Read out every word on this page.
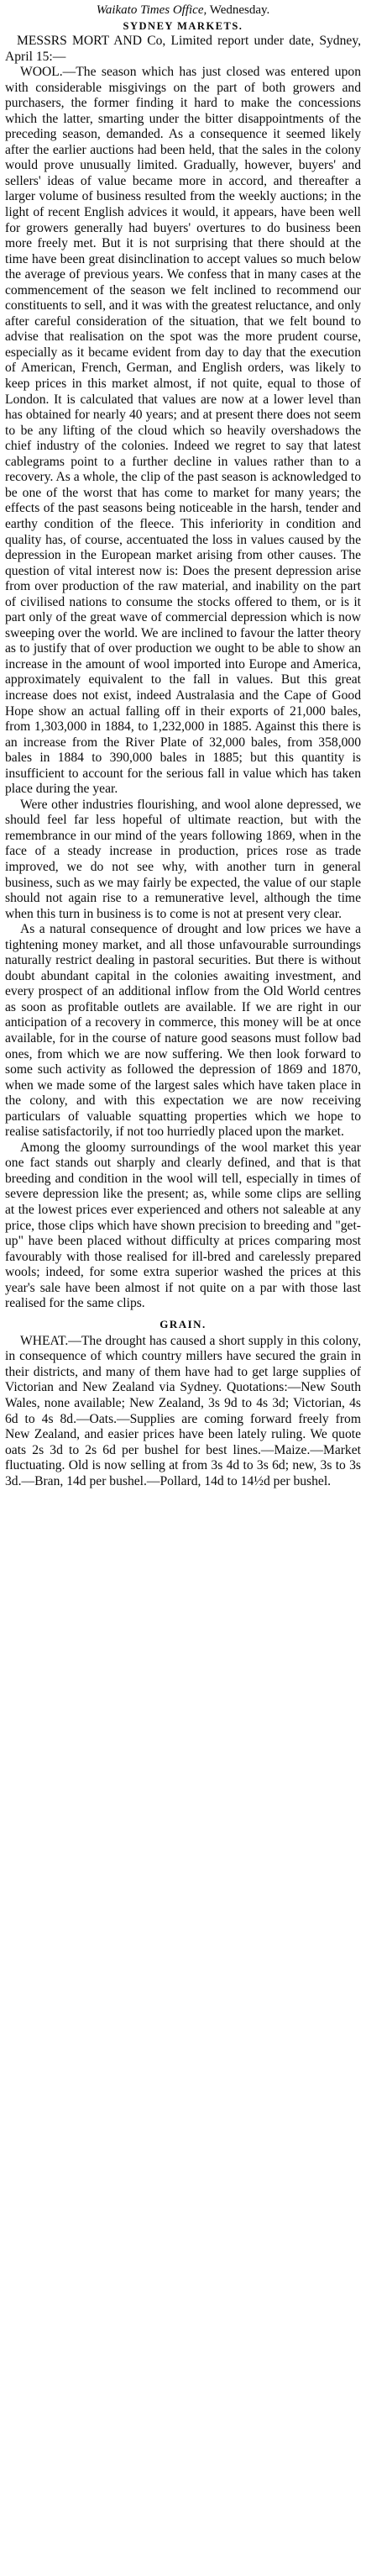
Waikato Times Office, Wednesday.

SYDNEY MARKETS.

MESSRS MORT AND Co, Limited report under date, Sydney, April 15:—

WOOL.—The season which has just closed was entered upon with considerable misgivings on the part of both growers and purchasers, the former finding it hard to make the concessions which the latter, smarting under the bitter disappointments of the preceding season, demanded. As a consequence it seemed likely after the earlier auctions had been held, that the sales in the colony would prove unusually limited. Gradually, however, buyers' and sellers' ideas of value became more in accord, and thereafter a larger volume of business resulted from the weekly auctions; in the light of recent English advices it would, it appears, have been well for growers generally had buyers' overtures to do business been more freely met. But it is not surprising that there should at the time have been great disinclination to accept values so much below the average of previous years. We confess that in many cases at the commencement of the season we felt inclined to recommend our constituents to sell, and it was with the greatest reluctance, and only after careful consideration of the situation, that we felt bound to advise that realisation on the spot was the more prudent course, especially as it became evident from day to day that the execution of American, French, German, and English orders, was likely to keep prices in this market almost, if not quite, equal to those of London. It is calculated that values are now at a lower level than has obtained for nearly 40 years; and at present there does not seem to be any lifting of the cloud which so heavily overshadows the chief industry of the colonies. Indeed we regret to say that latest cablegrams point to a further decline in values rather than to a recovery. As a whole, the clip of the past season is acknowledged to be one of the worst that has come to market for many years; the effects of the past seasons being noticeable in the harsh, tender and earthy condition of the fleece. This inferiority in condition and quality has, of course, accentuated the loss in values caused by the depression in the European market arising from other causes. The question of vital interest now is: Does the present depression arise from over production of the raw material, and inability on the part of civilised nations to consume the stocks offered to them, or is it part only of the great wave of commercial depression which is now sweeping over the world. We are inclined to favour the latter theory as to justify that of over production we ought to be able to show an increase in the amount of wool imported into Europe and America, approximately equivalent to the fall in values. But this great increase does not exist, indeed Australasia and the Cape of Good Hope show an actual falling off in their exports of 21,000 bales, from 1,303,000 in 1884, to 1,232,000 in 1885. Against this there is an increase from the River Plate of 32,000 bales, from 358,000 bales in 1884 to 390,000 bales in 1885; but this quantity is insufficient to account for the serious fall in value which has taken place during the year.

Were other industries flourishing, and wool alone depressed, we should feel far less hopeful of ultimate reaction, but with the remembrance in our mind of the years following 1869, when in the face of a steady increase in production, prices rose as trade improved, we do not see why, with another turn in general business, such as we may fairly be expected, the value of our staple should not again rise to a remunerative level, although the time when this turn in business is to come is not at present very clear.

As a natural consequence of drought and low prices we have a tightening money market, and all those unfavourable surroundings naturally restrict dealing in pastoral securities. But there is without doubt abundant capital in the colonies awaiting investment, and every prospect of an additional inflow from the Old World centres as soon as profitable outlets are available. If we are right in our anticipation of a recovery in commerce, this money will be at once available, for in the course of nature good seasons must follow bad ones, from which we are now suffering. We then look forward to some such activity as followed the depression of 1869 and 1870, when we made some of the largest sales which have taken place in the colony, and with this expectation we are now receiving particulars of valuable squatting properties which we hope to realise satisfactorily, if not too hurriedly placed upon the market.

Among the gloomy surroundings of the wool market this year one fact stands out sharply and clearly defined, and that is that breeding and condition in the wool will tell, especially in times of severe depression like the present; as, while some clips are selling at the lowest prices ever experienced and others not saleable at any price, those clips which have shown precision to breeding and "get-up" have been placed without difficulty at prices comparing most favourably with those realised for ill-bred and carelessly prepared wools; indeed, for some extra superior washed the prices at this year's sale have been almost if not quite on a par with those last realised for the same clips.

GRAIN.

WHEAT.—The drought has caused a short supply in this colony, in consequence of which country millers have secured the grain in their districts, and many of them have had to get large supplies of Victorian and New Zealand via Sydney. Quotations:—New South Wales, none available; New Zealand, 3s 9d to 4s 3d; Victorian, 4s 6d to 4s 8d.—Oats.—Supplies are coming forward freely from New Zealand, and easier prices have been lately ruling. We quote oats 2s 3d to 2s 6d per bushel for best lines.—Maize.—Market fluctuating. Old is now selling at from 3s 4d to 3s 6d; new, 3s to 3s 3d.—Bran, 14d per bushel.—Pollard, 14d to 14½d per bushel.
